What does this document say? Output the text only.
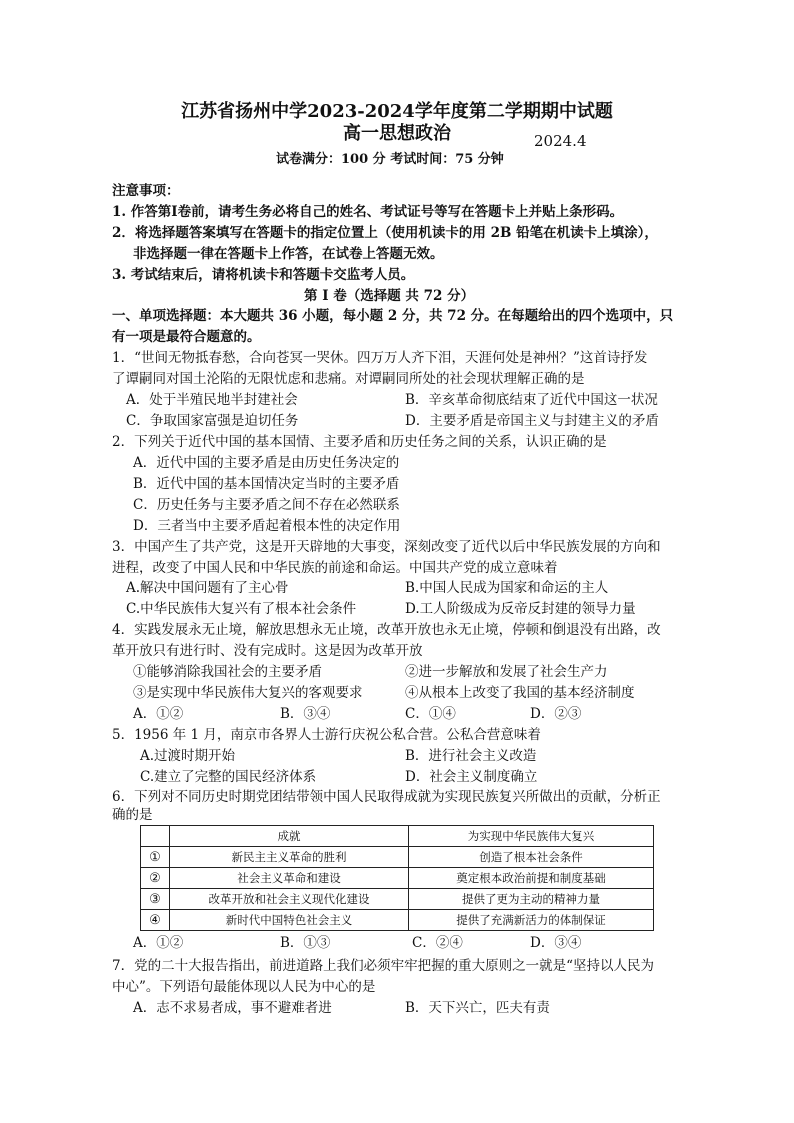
江苏省扬州中学2023-2024学年度第二学期期中试题
高一思想政治	2024.4
试卷满分：100 分 考试时间：75 分钟
注意事项：
1. 作答第Ⅰ卷前，请考生务必将自己的姓名、考试证号等写在答题卡上并贴上条形码。
2．将选择题答案填写在答题卡的指定位置上（使用机读卡的用 2B 铅笔在机读卡上填涂），
非选择题一律在答题卡上作答，在试卷上答题无效。
3. 考试结束后，请将机读卡和答题卡交监考人员。
第 Ⅰ 卷（选择题 共 72 分）
一、单项选择题：本大题共 36 小题，每小题 2 分，共 72 分。在每题给出的四个选项中，只
有一项是最符合题意的。
1．“世间无物抵春愁，合向苍冥一哭休。四万万人齐下泪，天涯何处是神州？”这首诗抒发
了谭嗣同对国土沦陷的无限忧虑和悲痛。对谭嗣同所处的社会现状理解正确的是
A．处于半殖民地半封建社会	B．辛亥革命彻底结束了近代中国这一状况
C．争取国家富强是迫切任务	D．主要矛盾是帝国主义与封建主义的矛盾
2．下列关于近代中国的基本国情、主要矛盾和历史任务之间的关系，认识正确的是
A．近代中国的主要矛盾是由历史任务决定的
B．近代中国的基本国情决定当时的主要矛盾
C．历史任务与主要矛盾之间不存在必然联系
D．三者当中主要矛盾起着根本性的决定作用
3．中国产生了共产党，这是开天辟地的大事变，深刻改变了近代以后中华民族发展的方向和
进程，改变了中国人民和中华民族的前途和命运。中国共产党的成立意味着
A.解决中国问题有了主心骨	B.中国人民成为国家和命运的主人
C.中华民族伟大复兴有了根本社会条件	D.工人阶级成为反帝反封建的领导力量
4．实践发展永无止境，解放思想永无止境，改革开放也永无止境，停顿和倒退没有出路，改
革开放只有进行时、没有完成时。这是因为改革开放
①能够消除我国社会的主要矛盾	②进一步解放和发展了社会生产力
③是实现中华民族伟大复兴的客观要求	④从根本上改变了我国的基本经济制度
A．①②	B．③④	C．①④	D．②③
5．1956 年 1 月，南京市各界人士游行庆祝公私合营。公私合营意味着
A.过渡时期开始	B．进行社会主义改造
C.建立了完整的国民经济体系	D．社会主义制度确立
6．下列对不同历史时期党团结带领中国人民取得成就为实现民族复兴所做出的贡献，分析正
确的是
	成就	为实现中华民族伟大复兴
①	新民主主义革命的胜利	创造了根本社会条件
②	社会主义革命和建设	奠定根本政治前提和制度基础
③	改革开放和社会主义现代化建设	提供了更为主动的精神力量
④	新时代中国特色社会主义	提供了充满新活力的体制保证
A．①②	B．①③	C．②④	D．③④
7．党的二十大报告指出，前进道路上我们必须牢牢把握的重大原则之一就是“坚持以人民为
中心”。下列语句最能体现以人民为中心的是
A．志不求易者成，事不避难者进	B．天下兴亡，匹夫有责
